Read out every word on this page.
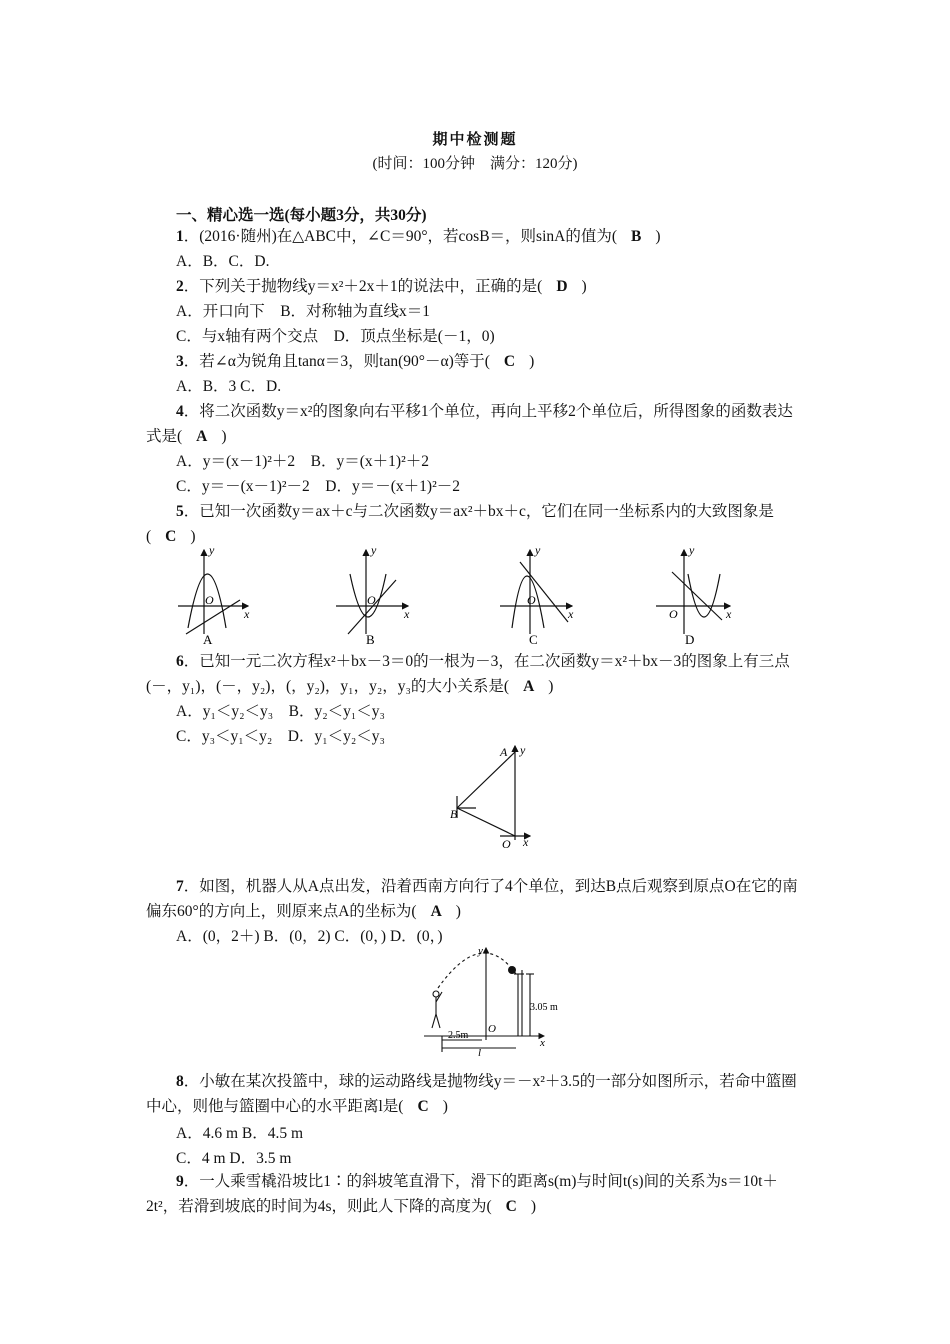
期中检测题
(时间：100分钟　满分：120分)
一、精心选一选(每小题3分，共30分)
1．(2016·随州)在△ABC中，∠C＝90°，若cosB＝，则sinA的值为( B )
A．B．C．D.
2．下列关于抛物线y＝x²＋2x＋1的说法中，正确的是( D )
A．开口向下　B．对称轴为直线x＝1
C．与x轴有两个交点　D．顶点坐标是(－1，0)
3．若∠α为锐角且tanα＝3，则tan(90°－α)等于( C )
A．B．3 C．D.
4．将二次函数y＝x²的图象向右平移1个单位，再向上平移2个单位后，所得图象的函数表达式是( A )
A．y＝(x－1)²＋2　B．y＝(x＋1)²＋2
C．y＝－(x－1)²－2　D．y＝－(x＋1)²－2
5．已知一次函数y＝ax＋c与二次函数y＝ax²＋bx＋c，它们在同一坐标系内的大致图象是( C )
y
x
O
y
x
O
y
x
O
y
x
O
A	B	C	D
6．已知一元二次方程x²＋bx－3＝0的一根为－3，在二次函数y＝x²＋bx－3的图象上有三点(－，y₁)，(－，y₂)，(，y₂)，y₁，y₂，y₃的大小关系是( A )
A．y₁＜y₂＜y₃　B．y₂＜y₁＜y₃
C．y₃＜y₁＜y₂　D．y₁＜y₂＜y₃
A y
B
O x
7．如图，机器人从A点出发，沿着西南方向行了4个单位，到达B点后观察到原点O在它的南偏东60°的方向上，则原来点A的坐标为( A )
A．(0，2＋) B．(0，2) C．(0，) D．(0，)
3.05 m
2.5m
l
O
x
y
8．小敏在某次投篮中，球的运动路线是抛物线y＝－x²＋3.5的一部分如图所示，若命中篮圈中心，则他与篮圈中心的水平距离l是( C )
A．4.6 m B．4.5 m
C．4 m D．3.5 m
9．一人乘雪橇沿坡比1∶的斜坡笔直滑下，滑下的距离s(m)与时间t(s)间的关系为s＝10t＋2t²，若滑到坡底的时间为4s，则此人下降的高度为( C )
